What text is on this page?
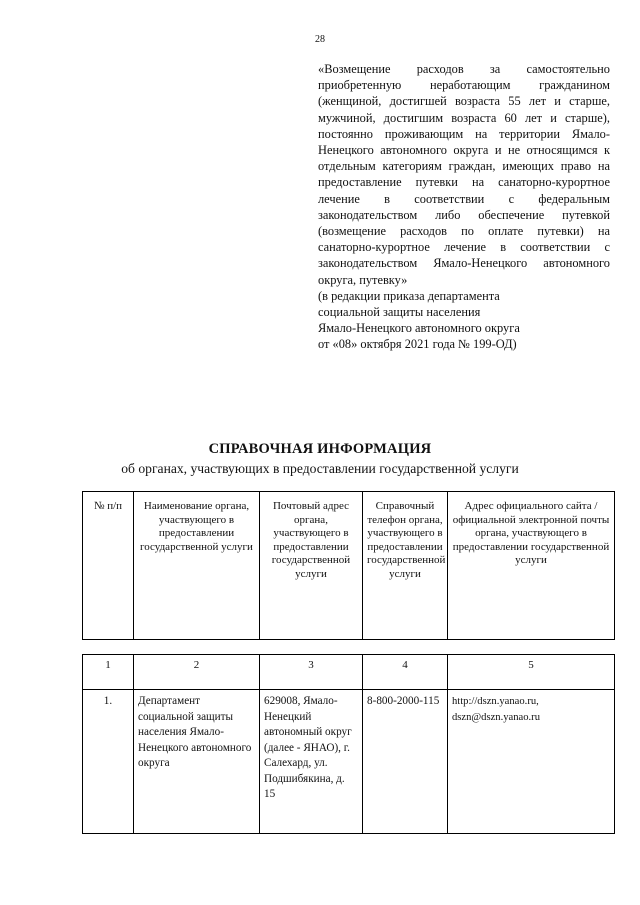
28
«Возмещение расходов за самостоятельно приобретенную неработающим гражданином (женщиной, достигшей возраста 55 лет и старше, мужчиной, достигшим возраста 60 лет и старше), постоянно проживающим на территории Ямало-Ненецкого автономного округа и не относящимся к отдельным категориям граждан, имеющих право на предоставление путевки на санаторно-курортное лечение в соответствии с федеральным законодательством либо обеспечение путевкой (возмещение расходов по оплате путевки) на санаторно-курортное лечение в соответствии с законодательством Ямало-Ненецкого автономного округа, путевку»
(в редакции приказа департамента
социальной защиты населения
Ямало-Ненецкого автономного округа
от «08» октября 2021 года № 199-ОД)
СПРАВОЧНАЯ ИНФОРМАЦИЯ
об органах, участвующих в предоставлении государственной услуги
№ п/п	Наименование органа, участвующего в предоставлении государственной услуги	Почтовый адрес органа, участвующего в предоставлении государственной услуги	Справочный телефон органа, участвующего в предоставлении государственной услуги	Адрес официального сайта /официальной электронной почты органа, участвующего в предоставлении государственной услуги
1	2	3	4	5
1.	Департамент социальной защиты населения Ямало-Ненецкого автономного округа	629008, Ямало-Ненецкий автономный округ (далее - ЯНАО), г. Салехард, ул. Подшибякина, д. 15	8-800-2000-115	http://dszn.yanao.ru, dszn@dszn.yanao.ru
